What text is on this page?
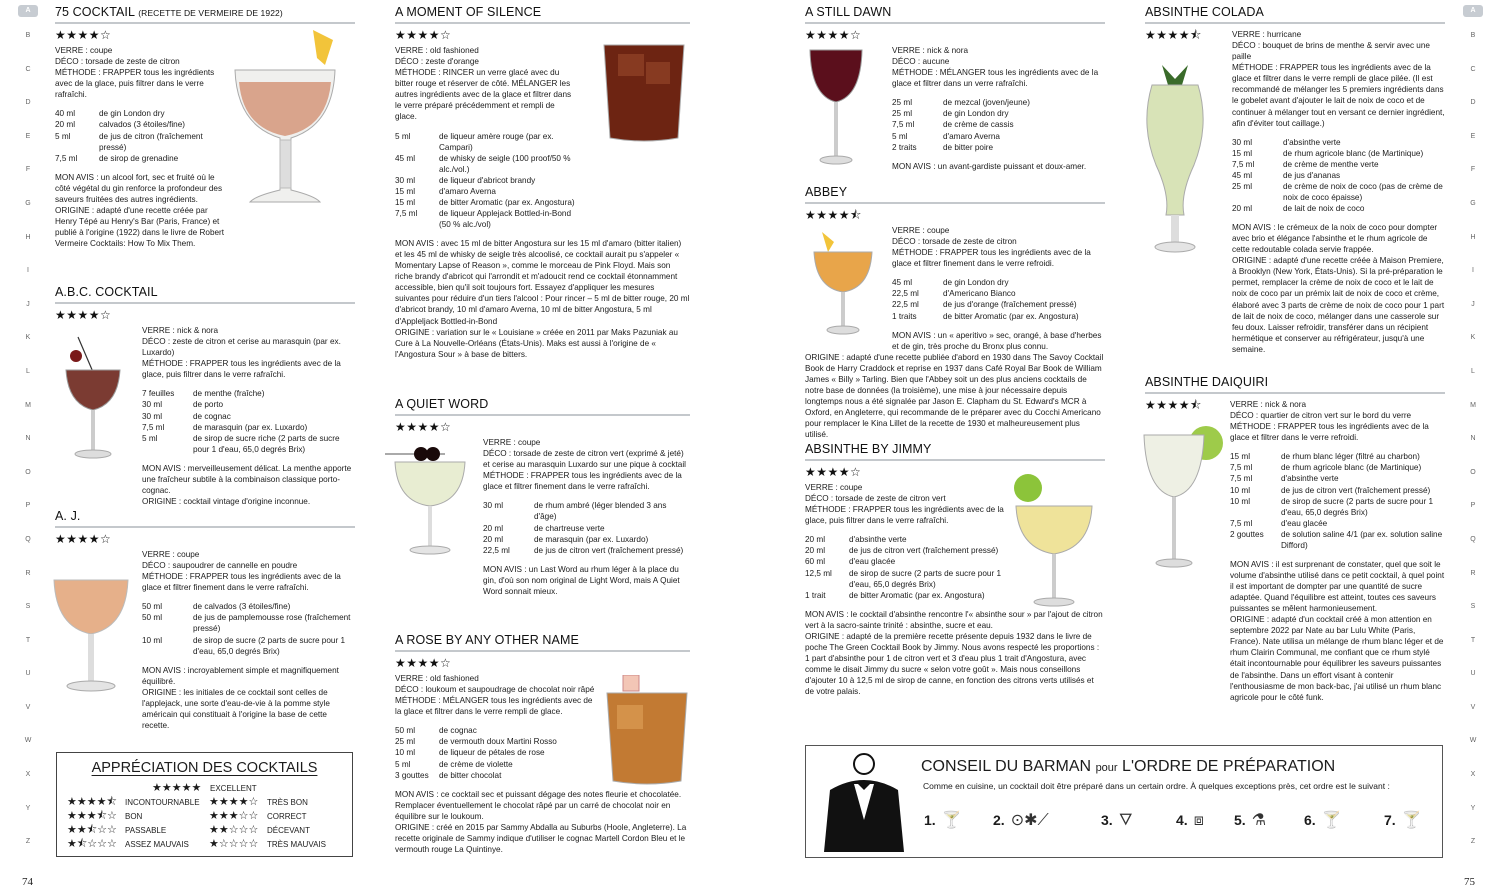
A
B
C
D
E
F
G
H
I
J
K
L
M
N
O
P
Q
R
S
T
U
V
W
X
Y
Z
A
B
C
D
E
F
G
H
I
J
K
L
M
N
O
P
Q
R
S
T
U
V
W
X
Y
Z
74	75
75 COCKTAIL (RECETTE DE VERMEIRE DE 1922)
★★★★☆
VERRE : coupe
DÉCO : torsade de zeste de citron
MÉTHODE : FRAPPER tous les ingrédients avec de la glace, puis filtrer dans le verre rafraîchi.
40 ml	de gin London dry
20 ml	calvados (3 étoiles/fine)
5 ml	de jus de citron (fraîchement pressé)
7,5 ml	de sirop de grenadine
MON AVIS : un alcool fort, sec et fruité où le côté végétal du gin renforce la profondeur des saveurs fruitées des autres ingrédients.
ORIGINE : adapté d'une recette créée par Henry Tépé au Henry's Bar (Paris, France) et publié à l'origine (1922) dans le livre de Robert Vermeire Cocktails: How To Mix Them.
A.B.C. COCKTAIL
★★★★☆
VERRE : nick & nora
DÉCO : zeste de citron et cerise au marasquin (par ex. Luxardo)
MÉTHODE : FRAPPER tous les ingrédients avec de la glace, puis filtrer dans le verre rafraîchi.
7 feuilles	de menthe (fraîche)
30 ml	de porto
30 ml	de cognac
7,5 ml	de marasquin (par ex. Luxardo)
5 ml	de sirop de sucre riche (2 parts de sucre pour 1 d'eau, 65,0 degrés Brix)
MON AVIS : merveilleusement délicat. La menthe apporte une fraîcheur subtile à la combinaison classique porto-cognac.
ORIGINE : cocktail vintage d'origine inconnue.
A. J.
★★★★☆
VERRE : coupe
DÉCO : saupoudrer de cannelle en poudre
MÉTHODE : FRAPPER tous les ingrédients avec de la glace et filtrer finement dans le verre rafraîchi.
50 ml	de calvados (3 étoiles/fine)
50 ml	de jus de pamplemousse rose (fraîchement pressé)
10 ml	de sirop de sucre (2 parts de sucre pour 1 d'eau, 65,0 degrés Brix)
MON AVIS : incroyablement simple et magnifiquement équilibré.
ORIGINE : les initiales de ce cocktail sont celles de l'applejack, une sorte d'eau-de-vie à la pomme style américain qui constituait à l'origine la base de cette recette.
APPRÉCIATION DES COCKTAILS
★★★★★ EXCELLENT
★★★★⯪ INCONTOURNABLE ★★★★☆ TRÈS BON
★★★⯪☆ BON	★★★☆☆ CORRECT
★★⯪☆☆ PASSABLE	★★☆☆☆ DÉCEVANT
★⯪☆☆☆ ASSEZ MAUVAIS ★☆☆☆☆ TRÈS MAUVAIS
A MOMENT OF SILENCE
★★★★☆
VERRE : old fashioned
DÉCO : zeste d'orange
MÉTHODE : RINCER un verre glacé avec du bitter rouge et réserver de côté. MÉLANGER les autres ingrédients avec de la glace et filtrer dans le verre préparé précédemment et rempli de glace.
5 ml	de liqueur amère rouge (par ex. Campari)
45 ml	de whisky de seigle (100 proof/50 % alc./vol.)
30 ml	de liqueur d'abricot brandy
15 ml	d'amaro Averna
15 ml	de bitter Aromatic (par ex. Angostura)
7,5 ml	de liqueur Applejack Bottled-in-Bond (50 % alc./vol)
MON AVIS : avec 15 ml de bitter Angostura sur les 15 ml d'amaro (bitter italien) et les 45 ml de whisky de seigle très alcoolisé, ce cocktail aurait pu s'appeler « Momentary Lapse of Reason », comme le morceau de Pink Floyd. Mais son riche brandy d'abricot qui l'arrondit et m'adoucit rend ce cocktail étonnamment accessible, bien qu'il soit toujours fort. Essayez d'appliquer les mesures suivantes pour réduire d'un tiers l'alcool : Pour rincer – 5 ml de bitter rouge, 20 ml d'abricot brandy, 10 ml d'amaro Averna, 10 ml de bitter Angostura, 5 ml d'Appleljack Bottled-in-Bond
ORIGINE : variation sur le « Louisiane » créée en 2011 par Maks Pazuniak au Cure à La Nouvelle-Orléans (États-Unis). Maks est aussi à l'origine de « l'Angostura Sour » à base de bitters.
A QUIET WORD
★★★★☆
VERRE : coupe
DÉCO : torsade de zeste de citron vert (exprimé & jeté) et cerise au marasquin Luxardo sur une pique à cocktail
MÉTHODE : FRAPPER tous les ingrédients avec de la glace et filtrer finement dans le verre rafraîchi.
30 ml	de rhum ambré (léger blended 3 ans d'âge)
20 ml	de chartreuse verte
20 ml	de marasquin (par ex. Luxardo)
22,5 ml	de jus de citron vert (fraîchement pressé)
MON AVIS : un Last Word au rhum léger à la place du gin, d'où son nom original de Light Word, mais A Quiet Word sonnait mieux.
A ROSE BY ANY OTHER NAME
★★★★☆
VERRE : old fashioned
DÉCO : loukoum et saupoudrage de chocolat noir râpé
MÉTHODE : MÉLANGER tous les ingrédients avec de la glace et filtrer dans le verre rempli de glace.
50 ml	de cognac
25 ml	de vermouth doux Martini Rosso
10 ml	de liqueur de pétales de rose
5 ml	de crème de violette
3 gouttes	de bitter chocolat
MON AVIS : ce cocktail sec et puissant dégage des notes fleurie et chocolatée. Remplacer éventuellement le chocolat râpé par un carré de chocolat noir en équilibre sur le loukoum.
ORIGINE : créé en 2015 par Sammy Abdalla au Suburbs (Hoole, Angleterre). La recette originale de Sammy indique d'utiliser le cognac Martell Cordon Bleu et le vermouth rouge La Quintinye.
A STILL DAWN
★★★★☆
VERRE : nick & nora
DÉCO : aucune
MÉTHODE : MÉLANGER tous les ingrédients avec de la glace et filtrer dans un verre rafraîchi.
25 ml	de mezcal (joven/jeune)
25 ml	de gin London dry
7,5 ml	de crème de cassis
5 ml	d'amaro Averna
2 traits	de bitter poire
MON AVIS : un avant-gardiste puissant et doux-amer.
ABBEY
★★★★⯪
VERRE : coupe
DÉCO : torsade de zeste de citron
MÉTHODE : FRAPPER tous les ingrédients avec de la glace et filtrer finement dans le verre refroidi.
45 ml	de gin London dry
22,5 ml	d'Americano Bianco
22,5 ml	de jus d'orange (fraîchement pressé)
1 traits	de bitter Aromatic (par ex. Angostura)
MON AVIS : un « aperitivo » sec, orangé, à base d'herbes et de gin, très proche du Bronx plus connu.
ORIGINE : adapté d'une recette publiée d'abord en 1930 dans The Savoy Cocktail Book de Harry Craddock et reprise en 1937 dans Café Royal Bar Book de William James « Billy » Tarling. Bien que l'Abbey soit un des plus anciens cocktails de notre base de données (la troisième), une mise à jour nécessaire depuis longtemps nous a été signalée par Jason E. Clapham du St. Edward's MCR à Oxford, en Angleterre, qui recommande de le préparer avec du Cocchi Americano pour remplacer le Kina Lillet de la recette de 1930 et malheureusement plus utilisé.
ABSINTHE BY JIMMY
★★★★☆
VERRE : coupe
DÉCO : torsade de zeste de citron vert
MÉTHODE : FRAPPER tous les ingrédients avec de la glace, puis filtrer dans le verre rafraîchi.
20 ml	d'absinthe verte
20 ml	de jus de citron vert (fraîchement pressé)
60 ml	d'eau glacée
12,5 ml	de sirop de sucre (2 parts de sucre pour 1 d'eau, 65,0 degrés Brix)
1 trait	de bitter Aromatic (par ex. Angostura)
MON AVIS : le cocktail d'absinthe rencontre l'« absinthe sour » par l'ajout de citron vert à la sacro-sainte trinité : absinthe, sucre et eau.
ORIGINE : adapté de la première recette présente depuis 1932 dans le livre de poche The Green Cocktail Book by Jimmy. Nous avons respecté les proportions : 1 part d'absinthe pour 1 de citron vert et 3 d'eau plus 1 trait d'Angostura, avec comme le disait Jimmy du sucre « selon votre goût ». Mais nous conseillons d'ajouter 10 à 12,5 ml de sirop de canne, en fonction des citrons verts utilisés et de votre palais.
ABSINTHE COLADA
★★★★⯪	VERRE : hurricane
DÉCO : bouquet de brins de menthe & servir avec une paille
MÉTHODE : FRAPPER tous les ingrédients avec de la glace et filtrer dans le verre rempli de glace pilée. (Il est recommandé de mélanger les 5 premiers ingrédients dans le gobelet avant d'ajouter le lait de noix de coco et de continuer à mélanger tout en versant ce dernier ingrédient, afin d'éviter tout caillage.)
30 ml	d'absinthe verte
15 ml	de rhum agricole blanc (de Martinique)
7,5 ml	de crème de menthe verte
45 ml	de jus d'ananas
25 ml	de crème de noix de coco (pas de crème de noix de coco épaisse)
20 ml	de lait de noix de coco
MON AVIS : le crémeux de la noix de coco pour dompter avec brio et élégance l'absinthe et le rhum agricole de cette redoutable colada servie frappée.
ORIGINE : adapté d'une recette créée à Maison Premiere, à Brooklyn (New York, États-Unis). Si la pré-préparation le permet, remplacer la crème de noix de coco et le lait de noix de coco par un prémix lait de noix de coco et crème, élaboré avec 3 parts de crème de noix de coco pour 1 part de lait de noix de coco, mélanger dans une casserole sur feu doux. Laisser refroidir, transférer dans un récipient hermétique et conserver au réfrigérateur, jusqu'à une semaine.
ABSINTHE DAIQUIRI
★★★★⯪	VERRE : nick & nora
DÉCO : quartier de citron vert sur le bord du verre
MÉTHODE : FRAPPER tous les ingrédients avec de la glace et filtrer dans le verre refroidi.
15 ml	de rhum blanc léger (filtré au charbon)
7,5 ml	de rhum agricole blanc (de Martinique)
7,5 ml	d'absinthe verte
10 ml	de jus de citron vert (fraîchement pressé)
10 ml	de sirop de sucre (2 parts de sucre pour 1 d'eau, 65,0 degrés Brix)
7,5 ml	d'eau glacée
2 gouttes	de solution saline 4/1 (par ex. solution saline Difford)
MON AVIS : il est surprenant de constater, quel que soit le volume d'absinthe utilisé dans ce petit cocktail, à quel point il est important de dompter par une quantité de sucre adaptée. Quand l'équilibre est atteint, toutes ces saveurs puissantes se mêlent harmonieusement.
ORIGINE : adapté d'un cocktail créé à mon attention en septembre 2022 par Nate au bar Lulu White (Paris, France). Nate utilisa un mélange de rhum blanc léger et de rhum Clairin Communal, me confiant que ce rhum stylé était incontournable pour équilibrer les saveurs puissantes de l'absinthe. Dans un effort visant à contenir l'enthousiasme de mon back-bac, j'ai utilisé un rhum blanc agricole pour le côté funk.
CONSEIL DU BARMAN pour L'ORDRE DE PRÉPARATION

Comme en cuisine, un cocktail doit être préparé dans un certain ordre. À quelques exceptions près, cet ordre est le suivant :

1. 🍸 2. ⊙✱⟋	3. 🜄	4. ⧈ 5. ⚗	6. 🍸	7. 🍸
